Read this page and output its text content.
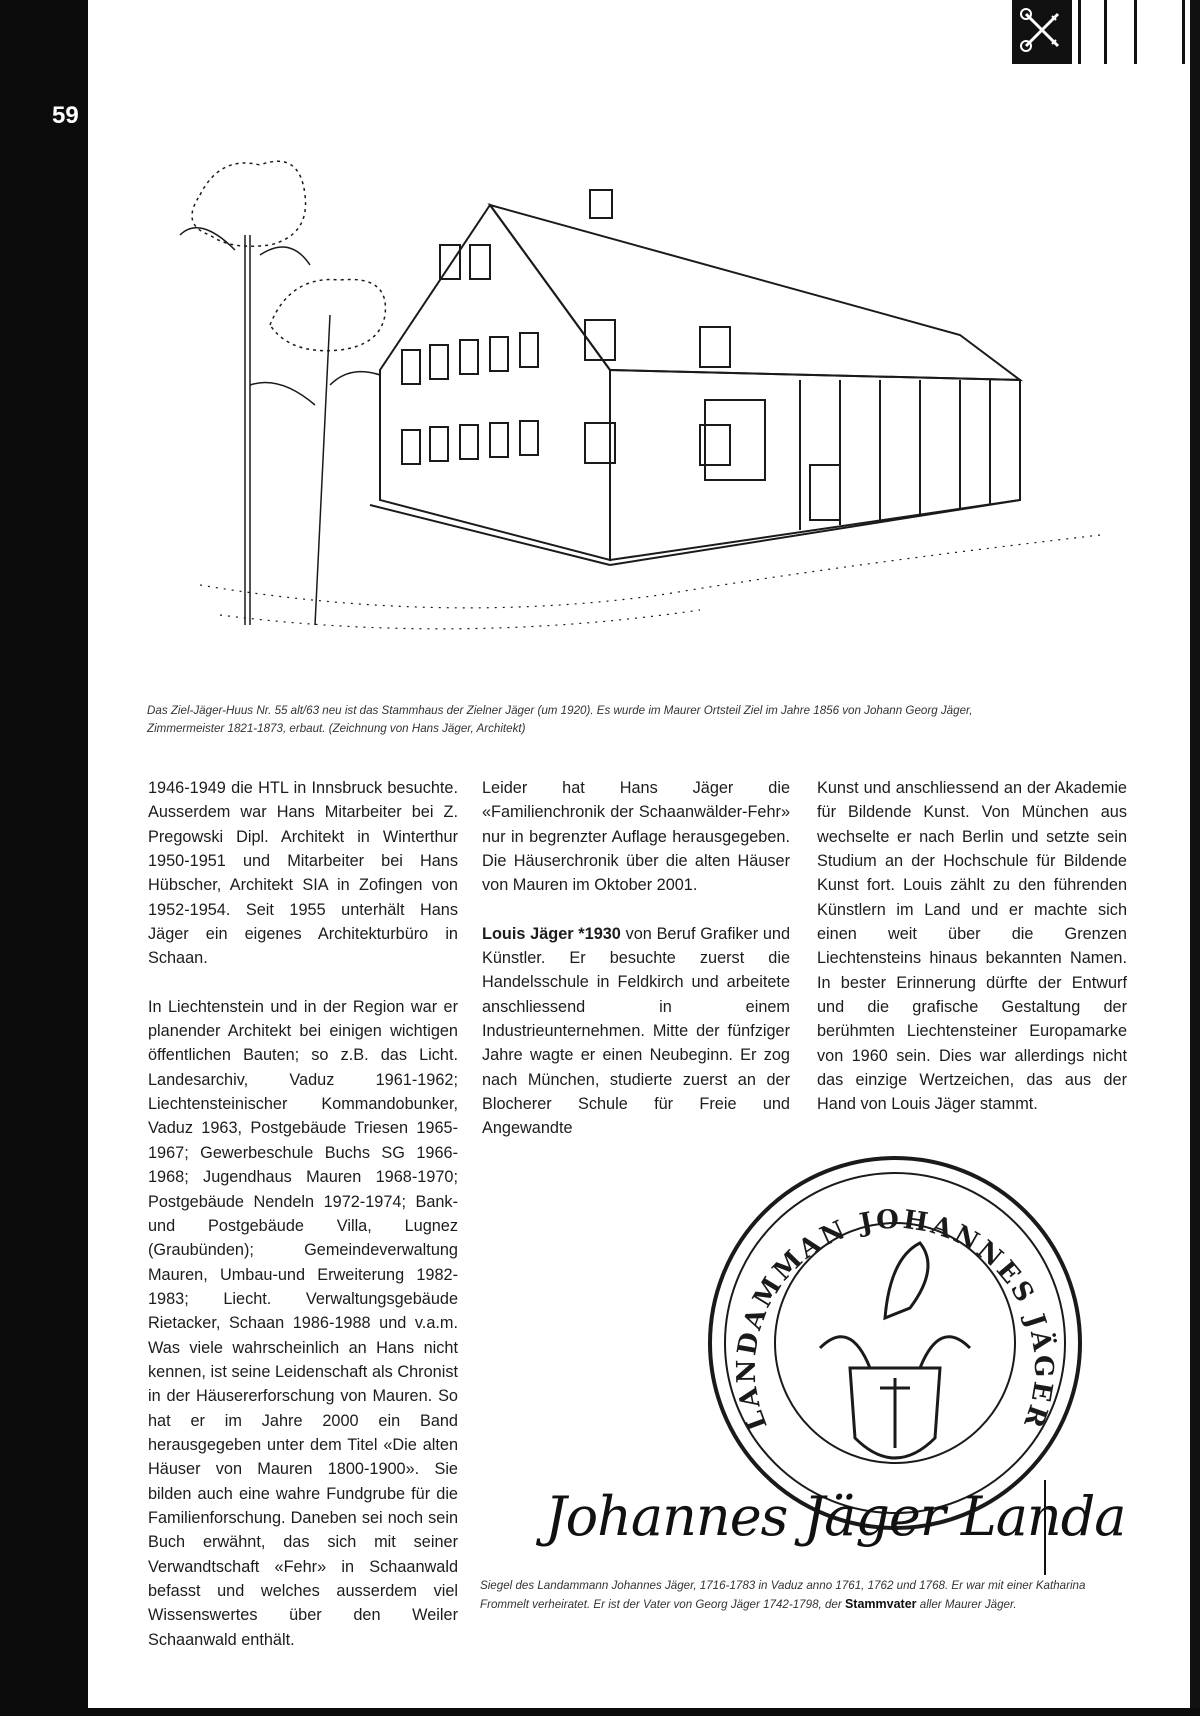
59
Das Ziel-Jäger-Huus Nr. 55 alt/63 neu ist das Stammhaus der Zielner Jäger (um 1920). Es wurde im Maurer Ortsteil Ziel im Jahre 1856 von Johann Georg Jäger,
Zimmermeister 1821-1873, erbaut. (Zeichnung von Hans Jäger, Architekt)

1946-1949 die HTL in Innsbruck besuchte. Ausserdem war Hans Mitarbeiter bei Z. Pregowski Dipl. Architekt in Winterthur 1950-1951 und Mitarbeiter bei Hans Hübscher, Architekt SIA in Zofingen von 1952-1954. Seit 1955 unterhält Hans Jäger ein eigenes Architekturbüro in Schaan.

In Liechtenstein und in der Region war er planender Architekt bei einigen wichtigen öffentlichen Bauten; so z.B. das Licht. Landesarchiv, Vaduz 1961-1962; Liechtensteinischer Kommandobunker, Vaduz 1963, Postgebäude Triesen 1965-1967; Gewerbeschule Buchs SG 1966-1968; Jugendhaus Mauren 1968-1970; Postgebäude Nendeln 1972-1974; Bank- und Postgebäude Villa, Lugnez (Graubünden); Gemeindeverwaltung Mauren, Umbau-und Erweiterung 1982-1983; Liecht. Verwaltungsgebäude Rietacker, Schaan 1986-1988 und v.a.m. Was viele wahrscheinlich an Hans nicht kennen, ist seine Leidenschaft als Chronist in der Häusererforschung von Mauren. So hat er im Jahre 2000 ein Band herausgegeben unter dem Titel «Die alten Häuser von Mauren 1800-1900». Sie bilden auch eine wahre Fundgrube für die Familienforschung. Daneben sei noch sein Buch erwähnt, das sich mit seiner Verwandtschaft «Fehr» in Schaanwald befasst und welches ausserdem viel Wissenswertes über den Weiler Schaanwald enthält.

Leider hat Hans Jäger die «Familienchronik der Schaanwälder-Fehr» nur in begrenzter Auflage herausgegeben. Die Häuserchronik über die alten Häuser von Mauren im Oktober 2001.

Louis Jäger *1930 von Beruf Grafiker und Künstler. Er besuchte zuerst die Handelsschule in Feldkirch und arbeitete anschliessend in einem Industrieunternehmen. Mitte der fünfziger Jahre wagte er einen Neubeginn. Er zog nach München, studierte zuerst an der Blocherer Schule für Freie und Angewandte

Kunst und anschliessend an der Akademie für Bildende Kunst. Von München aus wechselte er nach Berlin und setzte sein Studium an der Hochschule für Bildende Kunst fort. Louis zählt zu den führenden Künstlern im Land und er machte sich einen weit über die Grenzen Liechtensteins hinaus bekannten Namen. In bester Erinnerung dürfte der Entwurf und die grafische Gestaltung der berühmten Liechtensteiner Europamarke von 1960 sein. Dies war allerdings nicht das einzige Wertzeichen, das aus der Hand von Louis Jäger stammt.

LANDAMMAN JOHANNES JÄGER
Johannes Jäger Landa
Siegel des Landammann Johannes Jäger, 1716-1783 in Vaduz anno 1761, 1762 und 1768. Er war mit einer Katharina Frommelt verheiratet. Er ist der Vater von Georg Jäger 1742-1798, der Stammvater aller Maurer Jäger.
